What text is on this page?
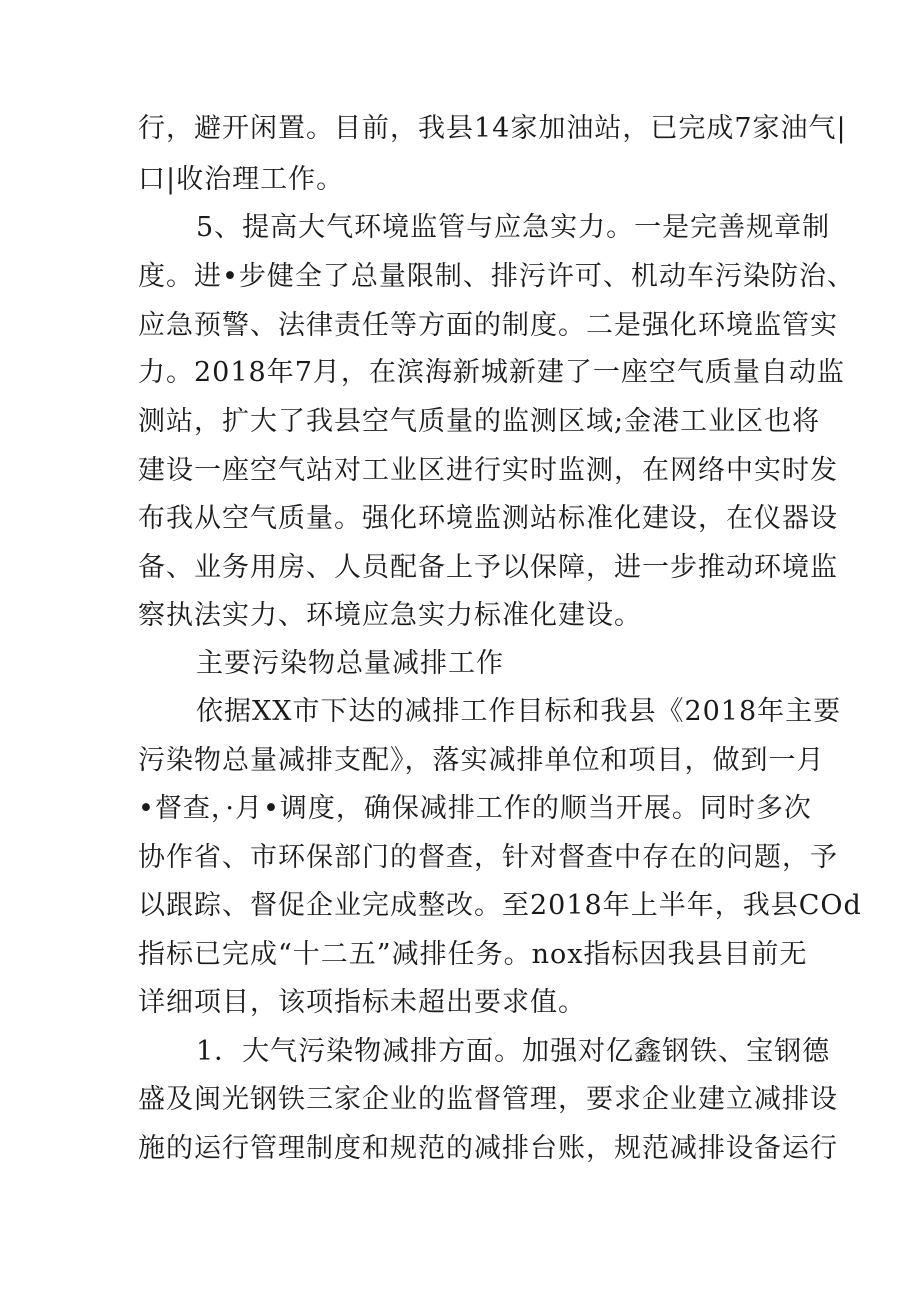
行，避开闲置。目前，我县14家加油站，已完成7家油气|
口|收治理工作。
5、提高大气环境监管与应急实力。一是完善规章制
度。进•步健全了总量限制、排污许可、机动车污染防治、
应急预警、法律责任等方面的制度。二是强化环境监管实
力。2018年7月，在滨海新城新建了一座空气质量自动监
测站，扩大了我县空气质量的监测区域;金港工业区也将
建设一座空气站对工业区进行实时监测，在网络中实时发
布我从空气质量。强化环境监测站标准化建设，在仪器设
备、业务用房、人员配备上予以保障，进一步推动环境监
察执法实力、环境应急实力标准化建设。
主要污染物总量减排工作
依据XX市下达的减排工作目标和我县《2018年主要
污染物总量减排支配》，落实减排单位和项目，做到一月
•督查，·月•调度，确保减排工作的顺当开展。同时多次
协作省、市环保部门的督查，针对督查中存在的问题，予
以跟踪、督促企业完成整改。至2018年上半年，我县COd
指标已完成“十二五”减排任务。nox指标因我县目前无
详细项目，该项指标未超出要求值。
1．大气污染物减排方面。加强对亿鑫钢铁、宝钢德
盛及闽光钢铁三家企业的监督管理，要求企业建立减排设
施的运行管理制度和规范的减排台账，规范减排设备运行
